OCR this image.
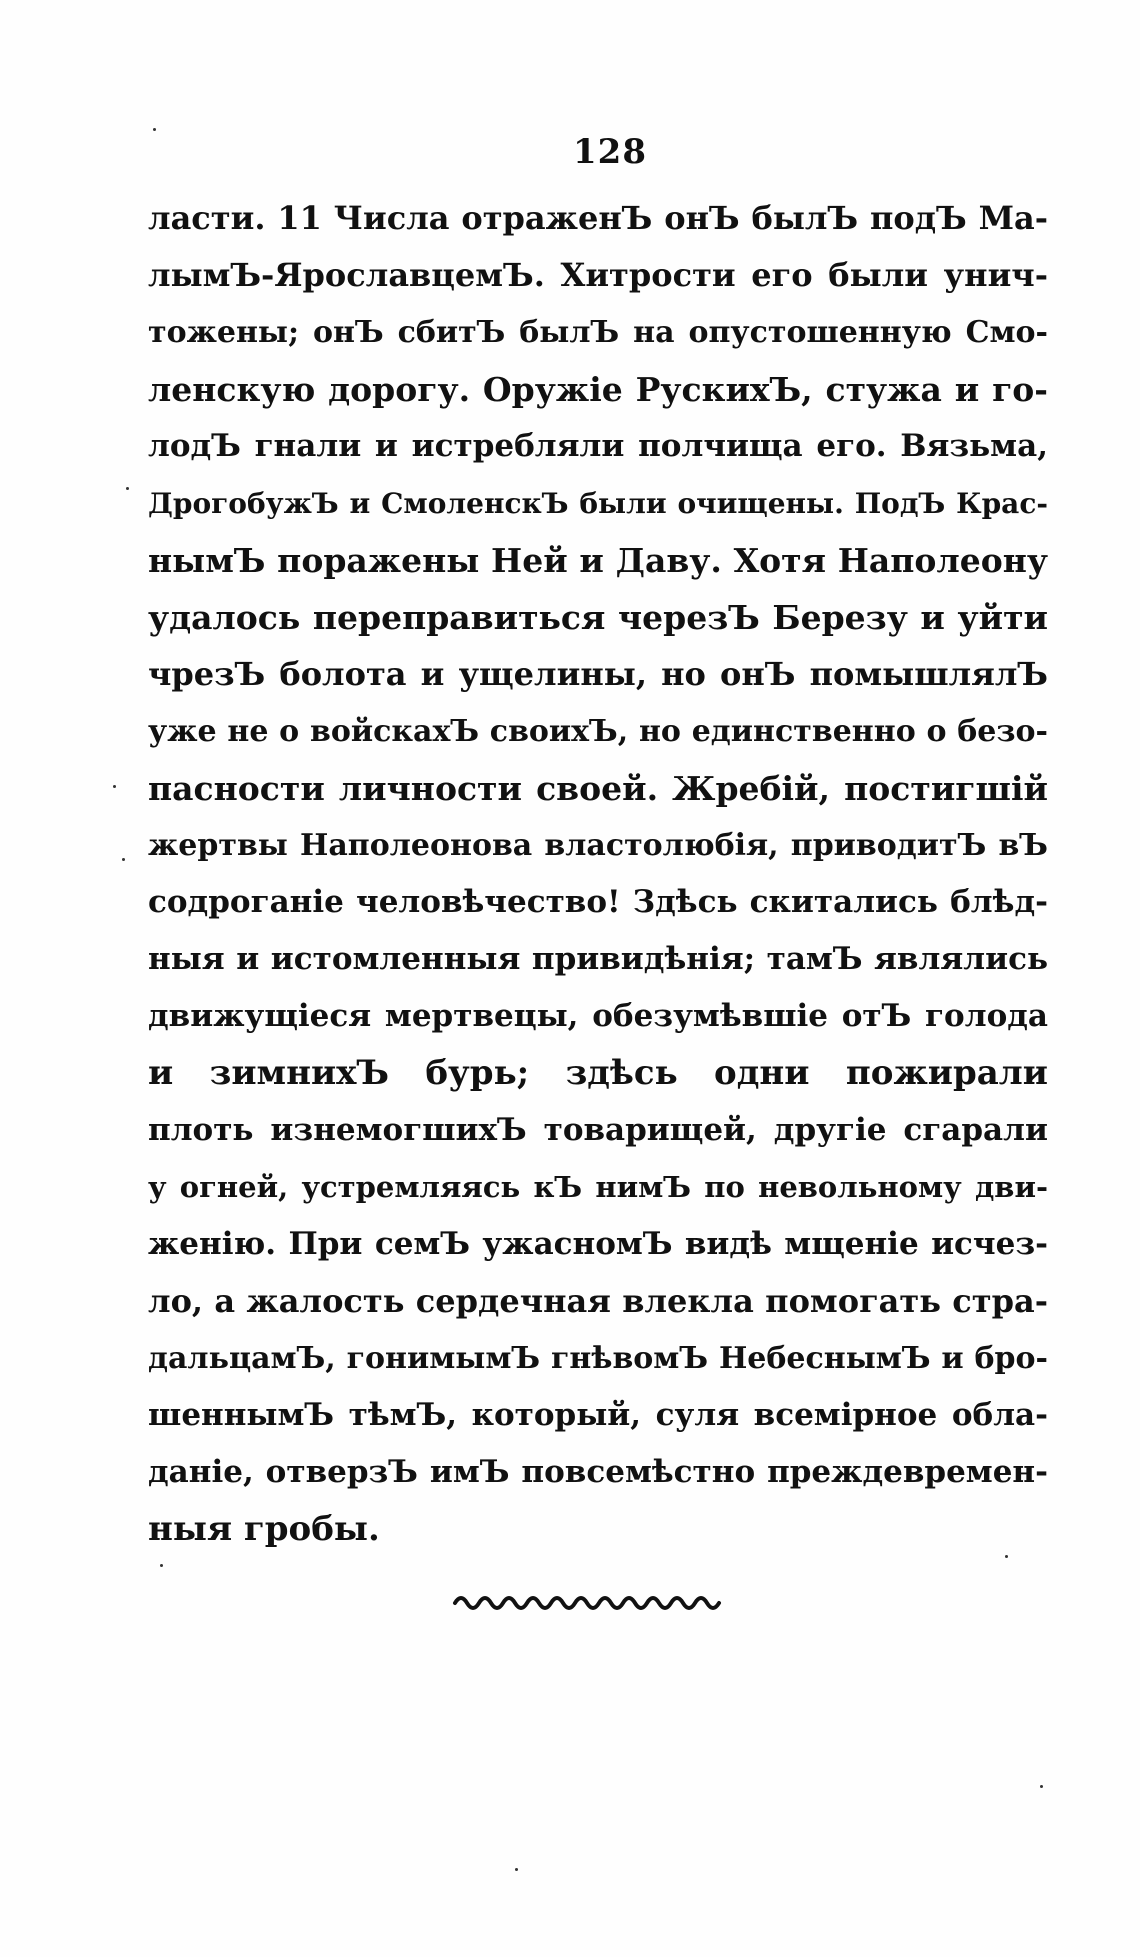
128
ласти. 11 Числа отраженЪ онЪ былЪ подЪ Ма-
лымЪ-ЯрославцемЪ. Хитрости его были унич-
тожены; онЪ сбитЪ былЪ на опустошенную Смо-
ленскую дорогу. Оружiе РускихЪ, стужа и го-
лодЪ гнали и истребляли полчища его. Вязьма,
ДрогобужЪ и СмоленскЪ были очищены. ПодЪ Крас-
нымЪ поражены Ней и Даву. Хотя Наполеону
удалось переправиться черезЪ Березу и уйти
чрезЪ болота и ущелины, но онЪ помышлялЪ
уже не о войскахЪ своихЪ, но единственно о безо-
пасности личности своей. Жребiй, постигшiй
жертвы Наполеонова властолюбiя, приводитЪ вЪ
содроганiе человѣчество! Здѣсь скитались блѣд-
ныя и истомленныя привидѣнiя; тамЪ являлись
движущiеся мертвецы, обезумѣвшiе отЪ голода
и зимнихЪ бурь; здѣсь одни пожирали
плоть изнемогшихЪ товарищей, другiе сгарали
у огней, устремляясь кЪ нимЪ по невольному дви-
женiю. При семЪ ужасномЪ видѣ мщенiе исчез-
ло, а жалость сердечная влекла помогать стра-
дальцамЪ, гонимымЪ гнѣвомЪ НебеснымЪ и бро-
шеннымЪ тѣмЪ, который, суля всемiрное обла-
данiе, отверзЪ имЪ повсемѣстно преждевремен-
ныя гробы.
